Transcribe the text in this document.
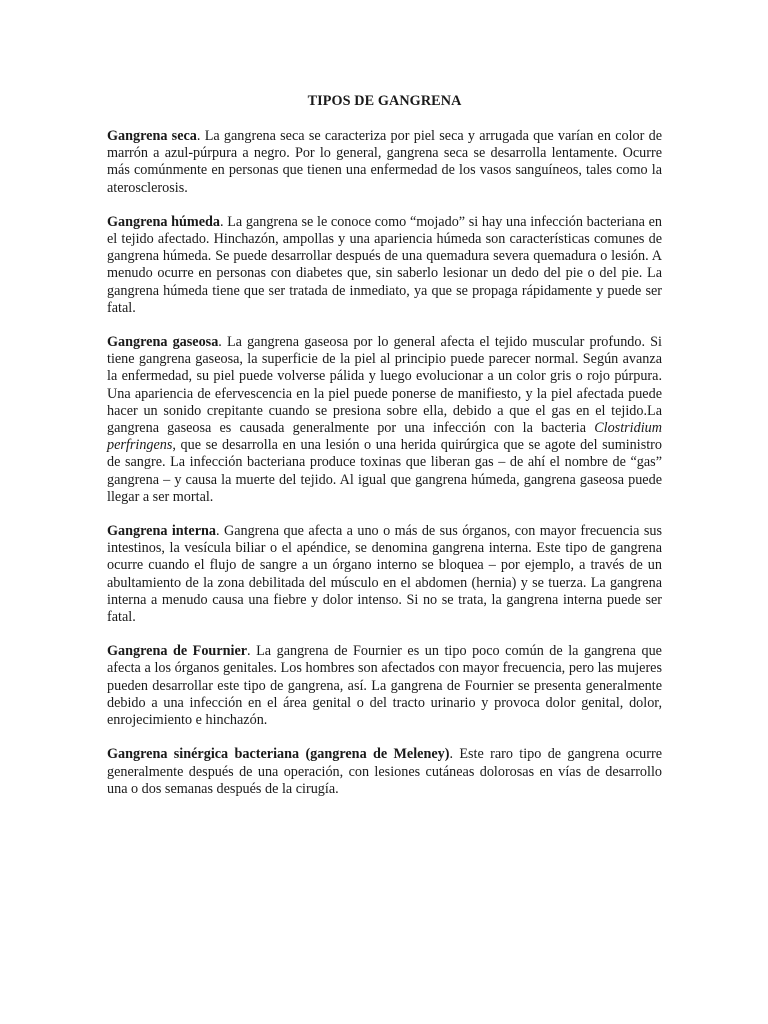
TIPOS DE GANGRENA

Gangrena seca. La gangrena seca se caracteriza por piel seca y arrugada que varían en color de marrón a azul-púrpura a negro. Por lo general, gangrena seca se desarrolla lentamente. Ocurre más comúnmente en personas que tienen una enfermedad de los vasos sanguíneos, tales como la aterosclerosis.

Gangrena húmeda. La gangrena se le conoce como “mojado” si hay una infección bacteriana en el tejido afectado. Hinchazón, ampollas y una apariencia húmeda son características comunes de gangrena húmeda. Se puede desarrollar después de una quemadura severa quemadura o lesión. A menudo ocurre en personas con diabetes que, sin saberlo lesionar un dedo del pie o del pie. La gangrena húmeda tiene que ser tratada de inmediato, ya que se propaga rápidamente y puede ser fatal.

Gangrena gaseosa. La gangrena gaseosa por lo general afecta el tejido muscular profundo. Si tiene gangrena gaseosa, la superficie de la piel al principio puede parecer normal. Según avanza la enfermedad, su piel puede volverse pálida y luego evolucionar a un color gris o rojo púrpura. Una apariencia de efervescencia en la piel puede ponerse de manifiesto, y la piel afectada puede hacer un sonido crepitante cuando se presiona sobre ella, debido a que el gas en el tejido.La gangrena gaseosa es causada generalmente por una infección con la bacteria Clostridium perfringens, que se desarrolla en una lesión o una herida quirúrgica que se agote del suministro de sangre. La infección bacteriana produce toxinas que liberan gas – de ahí el nombre de “gas” gangrena – y causa la muerte del tejido. Al igual que gangrena húmeda, gangrena gaseosa puede llegar a ser mortal.

Gangrena interna. Gangrena que afecta a uno o más de sus órganos, con mayor frecuencia sus intestinos, la vesícula biliar o el apéndice, se denomina gangrena interna. Este tipo de gangrena ocurre cuando el flujo de sangre a un órgano interno se bloquea – por ejemplo, a través de un abultamiento de la zona debilitada del músculo en el abdomen (hernia) y se tuerza. La gangrena interna a menudo causa una fiebre y dolor intenso. Si no se trata, la gangrena interna puede ser fatal.

Gangrena de Fournier. La gangrena de Fournier es un tipo poco común de la gangrena que afecta a los órganos genitales. Los hombres son afectados con mayor frecuencia, pero las mujeres pueden desarrollar este tipo de gangrena, así. La gangrena de Fournier se presenta generalmente debido a una infección en el área genital o del tracto urinario y provoca dolor genital, dolor, enrojecimiento e hinchazón.

Gangrena sinérgica bacteriana (gangrena de Meleney). Este raro tipo de gangrena ocurre generalmente después de una operación, con lesiones cutáneas dolorosas en vías de desarrollo una o dos semanas después de la cirugía.
